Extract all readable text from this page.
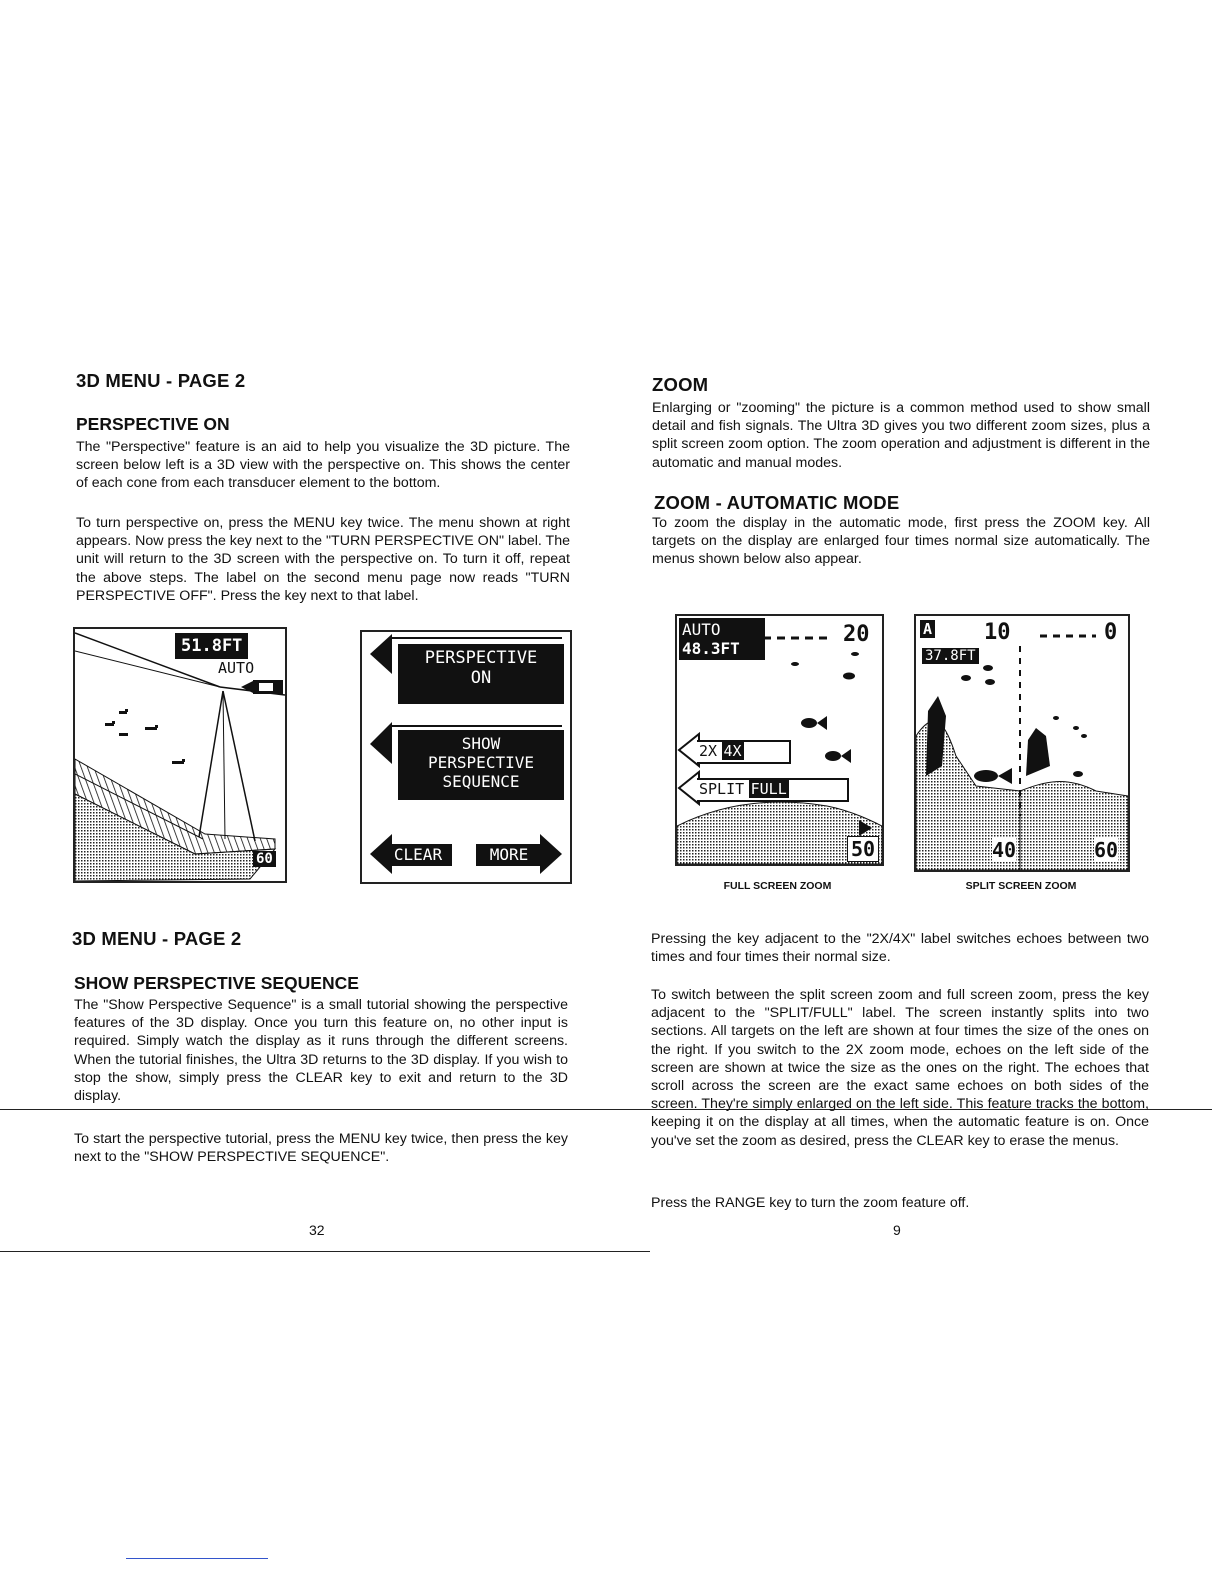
3D MENU - PAGE 2
PERSPECTIVE ON

The "Perspective" feature is an aid to help you visualize the 3D picture. The screen below left is a 3D view with the perspective on. This shows the center of each cone from each transducer element to the bottom.

To turn perspective on, press the MENU key twice. The menu shown at right appears. Now press the key next to the "TURN PERSPECTIVE ON" label. The unit will return to the 3D screen with the perspective on. To turn it off, repeat the above steps. The label on the second menu page now reads "TURN PERSPECTIVE OFF". Press the key next to that label.

51.8FT
AUTO
60
PERSPECTIVE
ON
SHOW
PERSPECTIVE
SEQUENCE
CLEAR	MORE
3D MENU - PAGE 2
SHOW PERSPECTIVE SEQUENCE

The "Show Perspective Sequence" is a small tutorial showing the perspective features of the 3D display. Once you turn this feature on, no other input is required. Simply watch the display as it runs through the different screens. When the tutorial finishes, the Ultra 3D returns to the 3D display. If you wish to stop the show, simply press the CLEAR key to exit and return to the 3D display.

To start the perspective tutorial, press the MENU key twice, then press the key next to the "SHOW PERSPECTIVE SEQUENCE".

32
ZOOM

Enlarging or "zooming" the picture is a common method used to show small detail and fish signals. The Ultra 3D gives you two different zoom sizes, plus a split screen zoom option. The zoom operation and adjustment is different in the automatic and manual modes.

ZOOM - AUTOMATIC MODE

To zoom the display in the automatic mode, first press the ZOOM key. All targets on the display are enlarged four times normal size automatically. The menus shown below also appear.

AUTO
48.3FT
20
2X 4X
SPLIT FULL
50
FULL SCREEN ZOOM
A 10	0
37.8FT
40	60
SPLIT SCREEN ZOOM

Pressing the key adjacent to the "2X/4X" label switches echoes between two times and four times their normal size.

To switch between the split screen zoom and full screen zoom, press the key adjacent to the "SPLIT/FULL" label. The screen instantly splits into two sections. All targets on the left are shown at four times the size of the ones on the right. If you switch to the 2X zoom mode, echoes on the left side of the screen are shown at twice the size as the ones on the right. The echoes that scroll across the screen are the exact same echoes on both sides of the screen. They're simply enlarged on the left side. This feature tracks the bottom, keeping it on the display at all times, when the automatic feature is on. Once you've set the zoom as desired, press the CLEAR key to erase the menus.

Press the RANGE key to turn the zoom feature off.

9
